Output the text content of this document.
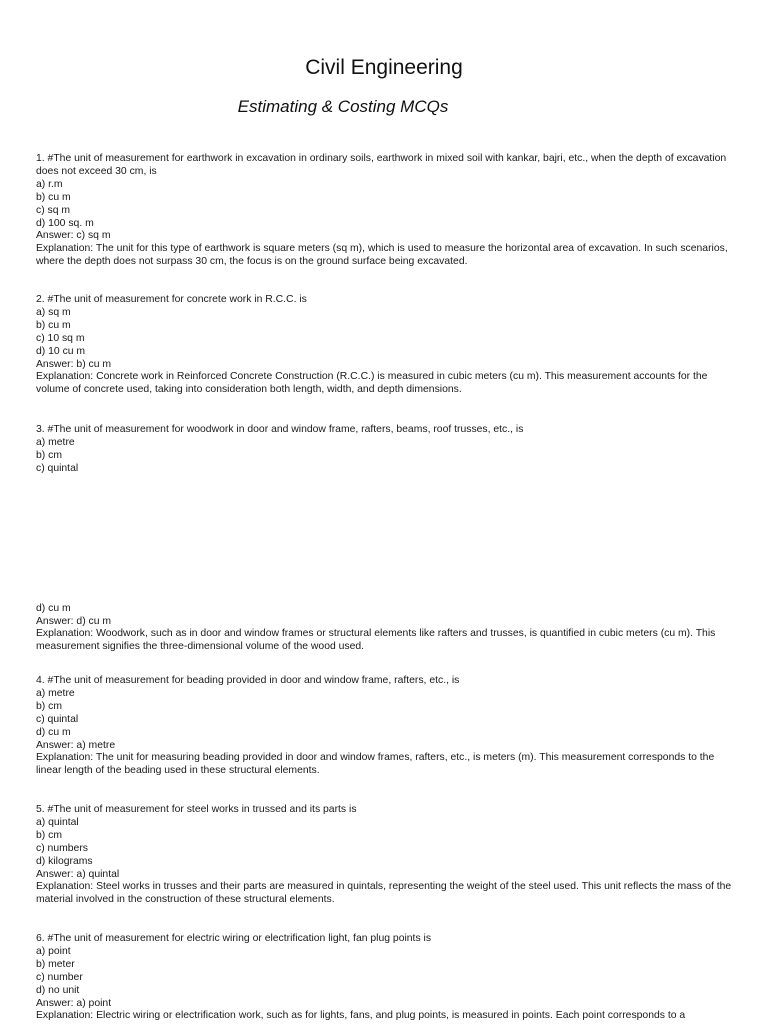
Civil Engineering
Estimating & Costing MCQs
1. #The unit of measurement for earthwork in excavation in ordinary soils, earthwork in mixed soil with kankar, bajri, etc., when the depth of excavation does not exceed 30 cm, is
a) r.m
b) cu m
c) sq m
d) 100 sq. m
Answer: c) sq m
Explanation: The unit for this type of earthwork is square meters (sq m), which is used to measure the horizontal area of excavation. In such scenarios, where the depth does not surpass 30 cm, the focus is on the ground surface being excavated.
2. #The unit of measurement for concrete work in R.C.C. is
a) sq m
b) cu m
c) 10 sq m
d) 10 cu m
Answer: b) cu m
Explanation: Concrete work in Reinforced Concrete Construction (R.C.C.) is measured in cubic meters (cu m). This measurement accounts for the volume of concrete used, taking into consideration both length, width, and depth dimensions.
3. #The unit of measurement for woodwork in door and window frame, rafters, beams, roof trusses, etc., is
a) metre
b) cm
c) quintal
d) cu m
Answer: d) cu m
Explanation: Woodwork, such as in door and window frames or structural elements like rafters and trusses, is quantified in cubic meters (cu m). This measurement signifies the three-dimensional volume of the wood used.
4. #The unit of measurement for beading provided in door and window frame, rafters, etc., is
a) metre
b) cm
c) quintal
d) cu m
Answer: a) metre
Explanation: The unit for measuring beading provided in door and window frames, rafters, etc., is meters (m). This measurement corresponds to the linear length of the beading used in these structural elements.
5. #The unit of measurement for steel works in trussed and its parts is
a) quintal
b) cm
c) numbers
d) kilograms
Answer: a) quintal
Explanation: Steel works in trusses and their parts are measured in quintals, representing the weight of the steel used. This unit reflects the mass of the material involved in the construction of these structural elements.
6. #The unit of measurement for electric wiring or electrification light, fan plug points is
a) point
b) meter
c) number
d) no unit
Answer: a) point
Explanation: Electric wiring or electrification work, such as for lights, fans, and plug points, is measured in points. Each point corresponds to a
